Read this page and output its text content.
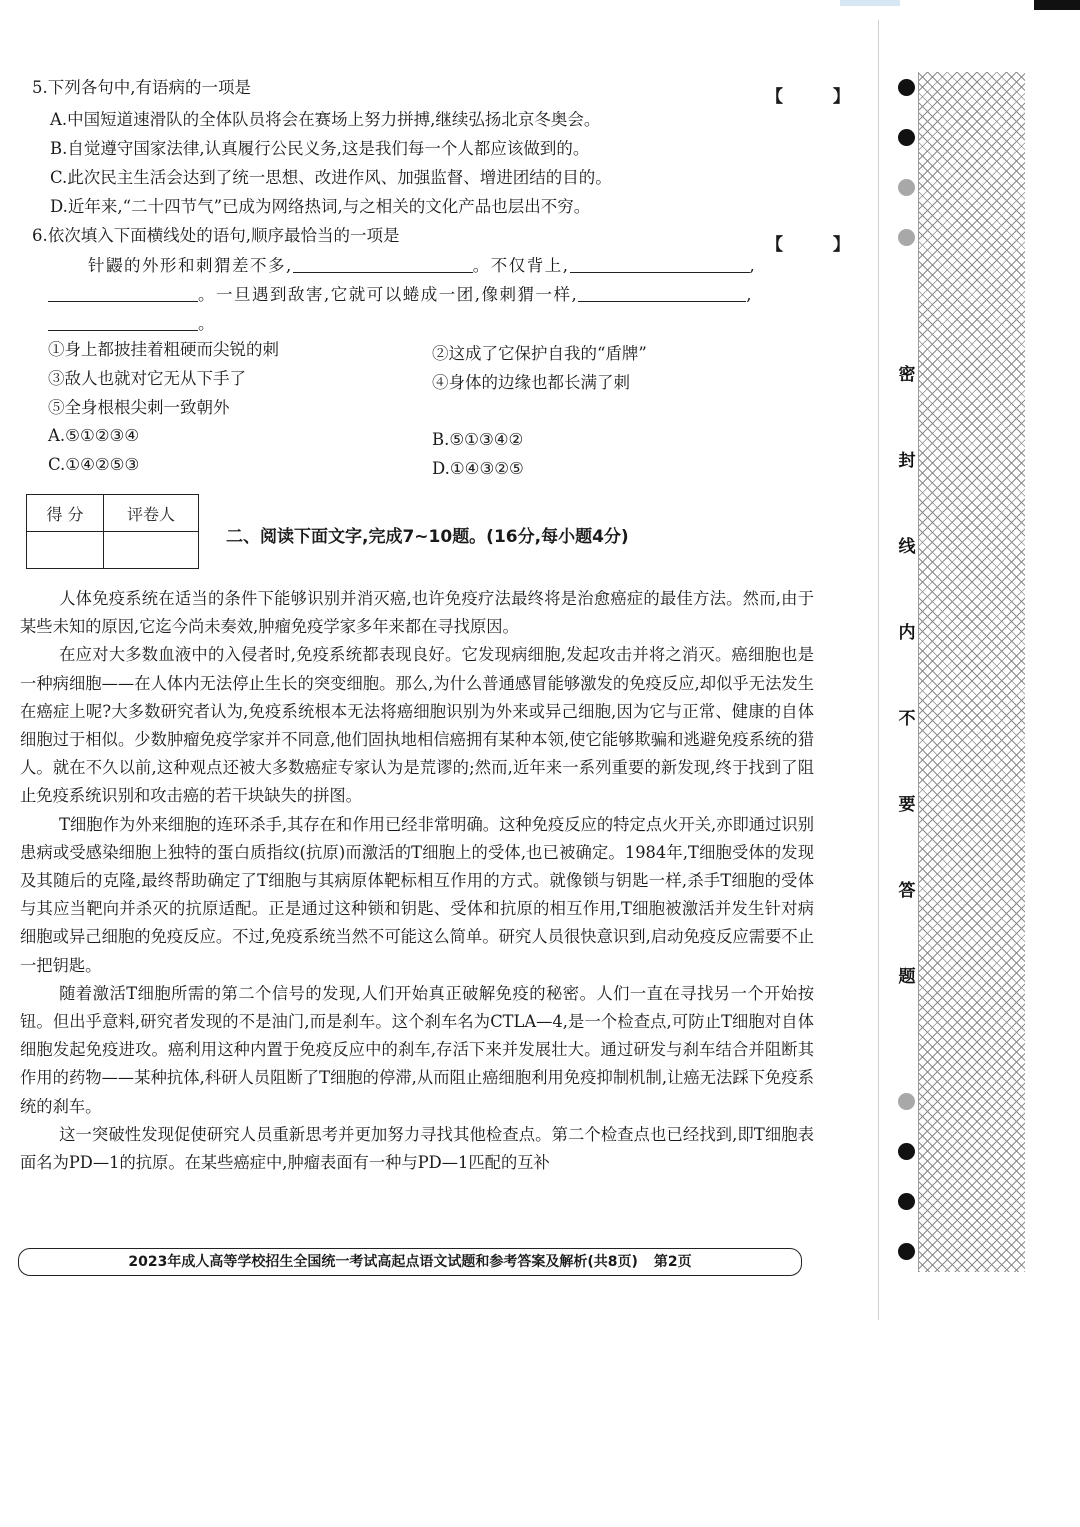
密
封
线
内
不
要
答
题
5.下列各句中,有语病的一项是	【 】
A.中国短道速滑队的全体队员将会在赛场上努力拼搏,继续弘扬北京冬奥会。
B.自觉遵守国家法律,认真履行公民义务,这是我们每一个人都应该做到的。
C.此次民主生活会达到了统一思想、改进作风、加强监督、增进团结的目的。
D.近年来,“二十四节气”已成为网络热词,与之相关的文化产品也层出不穷。
6.依次填入下面横线处的语句,顺序最恰当的一项是	【 】
针鼹的外形和刺猬差不多,	。不仅背上,	,
。一旦遇到敌害,它就可以蜷成一团,像刺猬一样,	,
。
①身上都披挂着粗硬而尖锐的刺	②这成了它保护自我的“盾牌”
③敌人也就对它无从下手了	④身体的边缘也都长满了刺
⑤全身根根尖刺一致朝外
A.⑤①②③④	B.⑤①③④②
C.①④②⑤③	D.①④③②⑤
得 分	评卷人

二、阅读下面文字,完成7~10题。(16分,每小题4分)

人体免疫系统在适当的条件下能够识别并消灭癌,也许免疫疗法最终将是治愈癌症的最佳方法。然而,由于某些未知的原因,它迄今尚未奏效,肿瘤免疫学家多年来都在寻找原因。

在应对大多数血液中的入侵者时,免疫系统都表现良好。它发现病细胞,发起攻击并将之消灭。癌细胞也是一种病细胞——在人体内无法停止生长的突变细胞。那么,为什么普通感冒能够激发的免疫反应,却似乎无法发生在癌症上呢?大多数研究者认为,免疫系统根本无法将癌细胞识别为外来或异己细胞,因为它与正常、健康的自体细胞过于相似。少数肿瘤免疫学家并不同意,他们固执地相信癌拥有某种本领,使它能够欺骗和逃避免疫系统的猎人。就在不久以前,这种观点还被大多数癌症专家认为是荒谬的;然而,近年来一系列重要的新发现,终于找到了阻止免疫系统识别和攻击癌的若干块缺失的拼图。

T细胞作为外来细胞的连环杀手,其存在和作用已经非常明确。这种免疫反应的特定点火开关,亦即通过识别患病或受感染细胞上独特的蛋白质指纹(抗原)而激活的T细胞上的受体,也已被确定。1984年,T细胞受体的发现及其随后的克隆,最终帮助确定了T细胞与其病原体靶标相互作用的方式。就像锁与钥匙一样,杀手T细胞的受体与其应当靶向并杀灭的抗原适配。正是通过这种锁和钥匙、受体和抗原的相互作用,T细胞被激活并发生针对病细胞或异己细胞的免疫反应。不过,免疫系统当然不可能这么简单。研究人员很快意识到,启动免疫反应需要不止一把钥匙。

随着激活T细胞所需的第二个信号的发现,人们开始真正破解免疫的秘密。人们一直在寻找另一个开始按钮。但出乎意料,研究者发现的不是油门,而是刹车。这个刹车名为CTLA—4,是一个检查点,可防止T细胞对自体细胞发起免疫进攻。癌利用这种内置于免疫反应中的刹车,存活下来并发展壮大。通过研发与刹车结合并阻断其作用的药物——某种抗体,科研人员阻断了T细胞的停滞,从而阻止癌细胞利用免疫抑制机制,让癌无法踩下免疫系统的刹车。

这一突破性发现促使研究人员重新思考并更加努力寻找其他检查点。第二个检查点也已经找到,即T细胞表面名为PD—1的抗原。在某些癌症中,肿瘤表面有一种与PD—1匹配的互补

2023年成人高等学校招生全国统一考试高起点语文试题和参考答案及解析(共8页) 第2页
